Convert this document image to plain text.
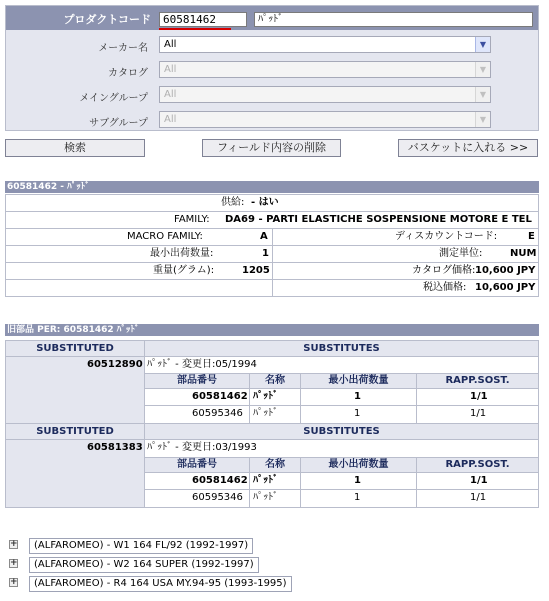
プロダクトコード	60581462	ﾊﾟｯﾄﾞ
メーカー名	All	▼
カタログ	All	▼
メイングループ	All	▼
サブグループ	All	▼
検索	フィールド内容の削除	バスケットに入れる >>
60581462 - ﾊﾟｯﾄﾞ
供給: - はい
FAMILY: DA69 - PARTI ELASTICHE SOSPENSIONE MOTORE E TEL
MACRO FAMILY:	A	ディスカウントコード:	E
最小出荷数量:	1	測定単位:	NUM
重量(グラム):	1205	カタログ価格: 10,600 JPY
税込価格: 10,600 JPY
旧部品 PER: 60581462 ﾊﾟｯﾄﾞ
SUBSTITUTED	SUBSTITUTES
60512890 ﾊﾟｯﾄﾞ - 変更日:05/1994
部品番号	名称	最小出荷数量	RAPP.SOST.
60581462 ﾊﾟｯﾄﾞ	1	1/1
60595346 ﾊﾟｯﾄﾞ	1	1/1
SUBSTITUTED	SUBSTITUTES
60581383 ﾊﾟｯﾄﾞ - 変更日:03/1993
部品番号	名称	最小出荷数量	RAPP.SOST.
60581462 ﾊﾟｯﾄﾞ	1	1/1
60595346 ﾊﾟｯﾄﾞ	1	1/1
+	(ALFAROMEO) - W1 164 FL/92 (1992-1997)
+	(ALFAROMEO) - W2 164 SUPER (1992-1997)
+	(ALFAROMEO) - R4 164 USA MY.94-95 (1993-1995)
